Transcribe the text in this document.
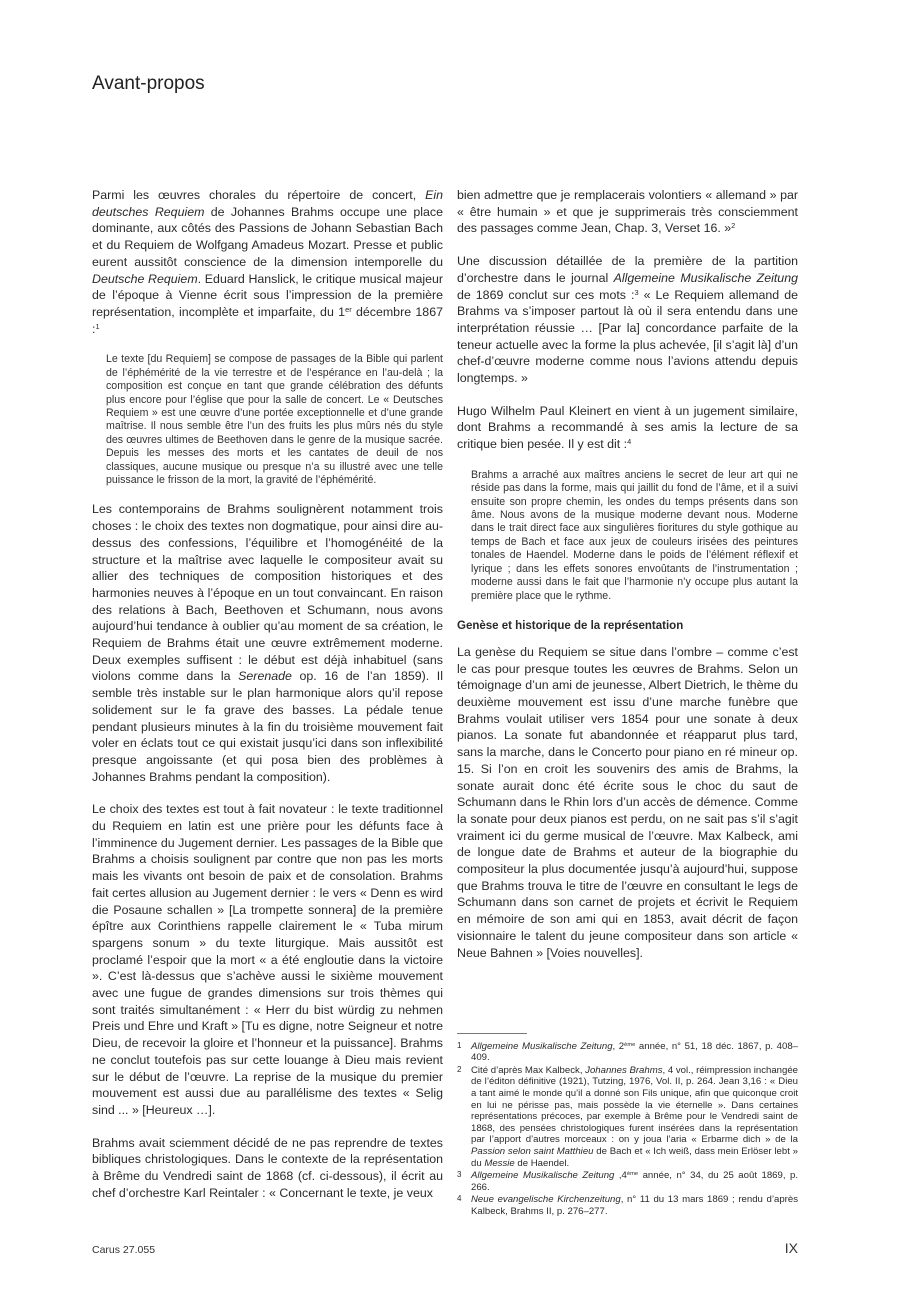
Avant-propos

Parmi les œuvres chorales du répertoire de concert, Ein deutsches Requiem de Johannes Brahms occupe une place dominante, aux côtés des Passions de Johann Sebastian Bach et du Requiem de Wolfgang Amadeus Mozart. Presse et public eurent aussitôt conscience de la dimension intemporelle du Deutsche Requiem. Eduard Hanslick, le critique musical majeur de l’époque à Vienne écrit sous l’impression de la première représentation, incomplète et imparfaite, du 1er décembre 1867 :$^1$

Le texte [du Requiem] se compose de passages de la Bible qui parlent de l’éphémérité de la vie terrestre et de l’espérance en l’au-delà ; la composition est conçue en tant que grande célébration des défunts plus encore pour l’église que pour la salle de concert. Le « Deutsches Requiem » est une œuvre d’une portée exceptionnelle et d’une grande maîtrise. Il nous semble être l’un des fruits les plus mûrs nés du style des œuvres ultimes de Beethoven dans le genre de la musique sacrée. Depuis les messes des morts et les cantates de deuil de nos classiques, aucune musique ou presque n’a su illustré avec une telle puissance le frisson de la mort, la gravité de l’éphémérité.

Les contemporains de Brahms soulignèrent notamment trois choses : le choix des textes non dogmatique, pour ainsi dire au-dessus des confessions, l’équilibre et l’homogénéité de la structure et la maîtrise avec laquelle le compositeur avait su allier des techniques de composition historiques et des harmonies neuves à l’époque en un tout convaincant. En raison des relations à Bach, Beethoven et Schumann, nous avons aujourd’hui tendance à oublier qu’au moment de sa création, le Requiem de Brahms était une œuvre extrêmement moderne. Deux exemples suffisent : le début est déjà inhabituel (sans violons comme dans la Serenade op. 16 de l’an 1859). Il semble très instable sur le plan harmonique alors qu’il repose solidement sur le fa grave des basses. La pédale tenue pendant plusieurs minutes à la fin du troisième mouvement fait voler en éclats tout ce qui existait jusqu’ici dans son inflexibilité presque angoissante (et qui posa bien des problèmes à Johannes Brahms pendant la composition).

Le choix des textes est tout à fait novateur : le texte traditionnel du Requiem en latin est une prière pour les défunts face à l’imminence du Jugement dernier. Les passages de la Bible que Brahms a choisis soulignent par contre que non pas les morts mais les vivants ont besoin de paix et de consolation. Brahms fait certes allusion au Jugement dernier : le vers « Denn es wird die Posaune schallen » [La trompette sonnera] de la première épître aux Corinthiens rappelle clairement le « Tuba mirum spargens sonum » du texte liturgique. Mais aussitôt est proclamé l’espoir que la mort « a été engloutie dans la victoire ». C’est là-dessus que s’achève aussi le sixième mouvement avec une fugue de grandes dimensions sur trois thèmes qui sont traités simultanément : « Herr du bist würdig zu nehmen Preis und Ehre und Kraft » [Tu es digne, notre Seigneur et notre Dieu, de recevoir la gloire et l’honneur et la puissance]. Brahms ne conclut toutefois pas sur cette louange à Dieu mais revient sur le début de l’œuvre. La reprise de la musique du premier mouvement est aussi due au parallélisme des textes « Selig sind ... » [Heureux …].

Brahms avait sciemment décidé de ne pas reprendre de textes bibliques christologiques. Dans le contexte de la représentation à Brême du Vendredi saint de 1868 (cf. ci-dessous), il écrit au chef d’orchestre Karl Reintaler : « Concernant le texte, je veux

bien admettre que je remplacerais volontiers « allemand » par « être humain » et que je supprimerais très consciemment des passages comme Jean, Chap. 3, Verset 16. »$^2$

Une discussion détaillée de la première de la partition d’orchestre dans le journal Allgemeine Musikalische Zeitung de 1869 conclut sur ces mots :$^3$ « Le Requiem allemand de Brahms va s’imposer partout là où il sera entendu dans une interprétation réussie … [Par la] concordance parfaite de la teneur actuelle avec la forme la plus achevée, [il s’agit là] d’un chef-d’œuvre moderne comme nous l’avions attendu depuis longtemps. »

Hugo Wilhelm Paul Kleinert en vient à un jugement similaire, dont Brahms a recommandé à ses amis la lecture de sa critique bien pesée. Il y est dit :$^4$

Brahms a arraché aux maîtres anciens le secret de leur art qui ne réside pas dans la forme, mais qui jaillit du fond de l’âme, et il a suivi ensuite son propre chemin, les ondes du temps présents dans son âme. Nous avons de la musique moderne devant nous. Moderne dans le trait direct face aux singulières fioritures du style gothique au temps de Bach et face aux jeux de couleurs irisées des peintures tonales de Haendel. Moderne dans le poids de l’élément réflexif et lyrique ; dans les effets sonores envoûtants de l’instrumentation ; moderne aussi dans le fait que l’harmonie n’y occupe plus autant la première place que le rythme.

Genèse et historique de la représentation

La genèse du Requiem se situe dans l’ombre – comme c’est le cas pour presque toutes les œuvres de Brahms. Selon un témoignage d’un ami de jeunesse, Albert Dietrich, le thème du deuxième mouvement est issu d’une marche funèbre que Brahms voulait utiliser vers 1854 pour une sonate à deux pianos. La sonate fut abandonnée et réapparut plus tard, sans la marche, dans le Concerto pour piano en ré mineur op. 15. Si l’on en croit les souvenirs des amis de Brahms, la sonate aurait donc été écrite sous le choc du saut de Schumann dans le Rhin lors d’un accès de démence. Comme la sonate pour deux pianos est perdu, on ne sait pas s’il s’agit vraiment ici du germe musical de l’œuvre. Max Kalbeck, ami de longue date de Brahms et auteur de la biographie du compositeur la plus documentée jusqu’à aujourd’hui, suppose que Brahms trouva le titre de l’œuvre en consultant le legs de Schumann dans son carnet de projets et écrivit le Requiem en mémoire de son ami qui en 1853, avait décrit de façon visionnaire le talent du jeune compositeur dans son article « Neue Bahnen » [Voies nouvelles].

1 Allgemeine Musikalische Zeitung, 2ème année, n° 51, 18 déc. 1867, p. 408–409.

2 Cité d’après Max Kalbeck, Johannes Brahms, 4 vol., réimpression inchangée de l’éditon définitive (1921), Tutzing, 1976, Vol. II, p. 264. Jean 3,16 : « Dieu a tant aimé le monde qu’il a donné son Fils unique, afin que quiconque croit en lui ne périsse pas, mais possède la vie éternelle ». Dans certaines représentations précoces, par exemple à Brême pour le Vendredi saint de 1868, des pensées christologiques furent insérées dans la représentation par l’apport d’autres morceaux : on y joua l’aria « Erbarme dich » de la Passion selon saint Matthieu de Bach et « Ich weiß, dass mein Erlöser lebt » du Messie de Haendel.

3 Allgemeine Musikalische Zeitung ,4ème année, n° 34, du 25 août 1869, p. 266.

4 Neue evangelische Kirchenzeitung, n° 11 du 13 mars 1869 ; rendu d’après Kalbeck, Brahms II, p. 276–277.

Carus 27.055	IX
